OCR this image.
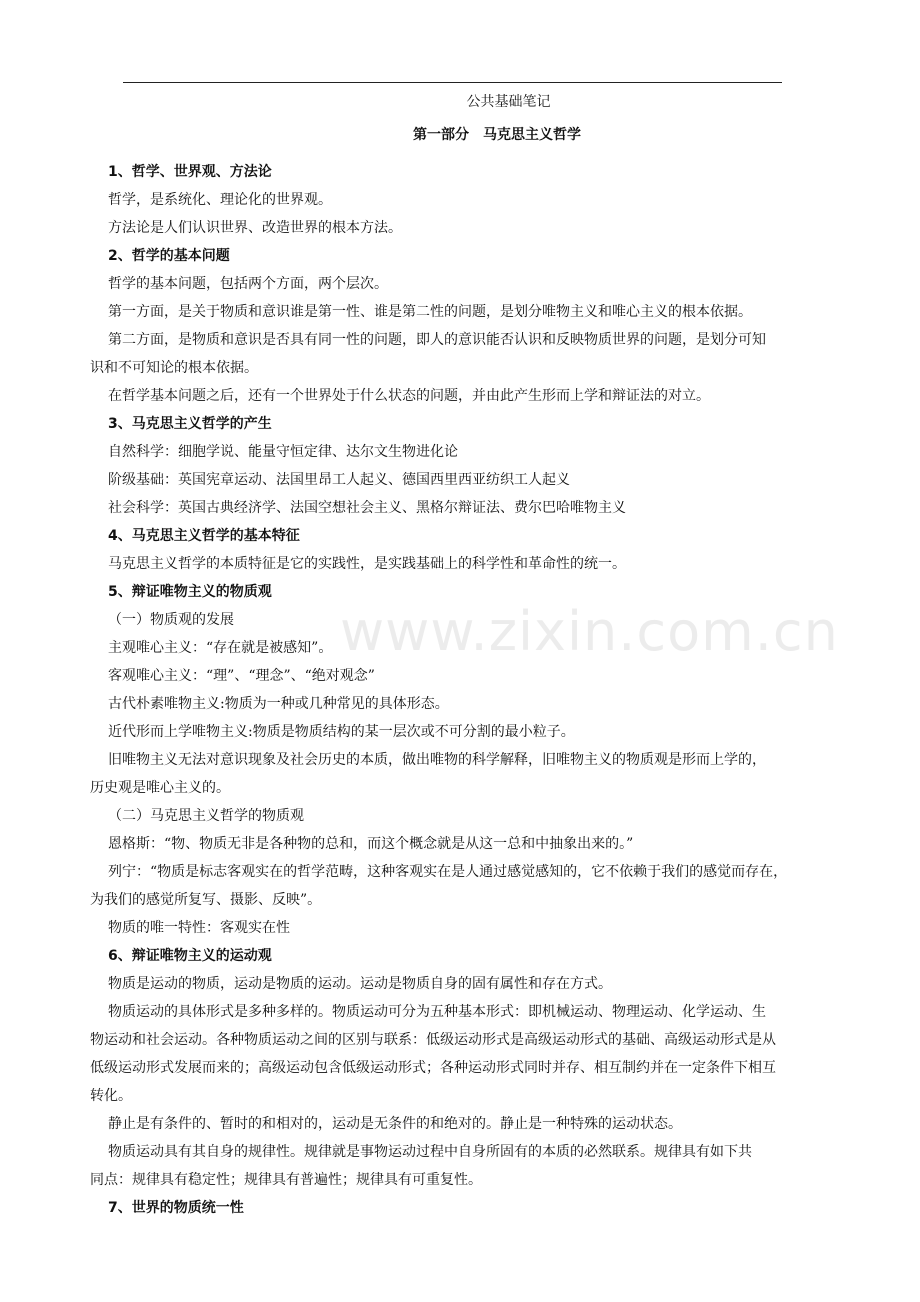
公共基础笔记
第一部分　马克思主义哲学
www.zixin.com.cn
1、哲学、世界观、方法论
哲学，是系统化、理论化的世界观。
方法论是人们认识世界、改造世界的根本方法。
2、哲学的基本问题
哲学的基本问题，包括两个方面，两个层次。
第一方面，是关于物质和意识谁是第一性、谁是第二性的问题，是划分唯物主义和唯心主义的根本依据。
第二方面，是物质和意识是否具有同一性的问题，即人的意识能否认识和反映物质世界的问题，是划分可知
识和不可知论的根本依据。
在哲学基本问题之后，还有一个世界处于什么状态的问题，并由此产生形而上学和辩证法的对立。
3、马克思主义哲学的产生
自然科学：细胞学说、能量守恒定律、达尔文生物进化论
阶级基础：英国宪章运动、法国里昂工人起义、德国西里西亚纺织工人起义
社会科学：英国古典经济学、法国空想社会主义、黑格尔辩证法、费尔巴哈唯物主义
4、马克思主义哲学的基本特征
马克思主义哲学的本质特征是它的实践性，是实践基础上的科学性和革命性的统一。
5、辩证唯物主义的物质观
（一）物质观的发展
主观唯心主义：“存在就是被感知”。
客观唯心主义：“理”、“理念”、“绝对观念”
古代朴素唯物主义:物质为一种或几种常见的具体形态。
近代形而上学唯物主义:物质是物质结构的某一层次或不可分割的最小粒子。
旧唯物主义无法对意识现象及社会历史的本质，做出唯物的科学解释，旧唯物主义的物质观是形而上学的，
历史观是唯心主义的。
（二）马克思主义哲学的物质观
恩格斯：“物、物质无非是各种物的总和，而这个概念就是从这一总和中抽象出来的。”
列宁：“物质是标志客观实在的哲学范畴，这种客观实在是人通过感觉感知的，它不依赖于我们的感觉而存在，
为我们的感觉所复写、摄影、反映”。
物质的唯一特性：客观实在性
6、辩证唯物主义的运动观
物质是运动的物质，运动是物质的运动。运动是物质自身的固有属性和存在方式。
物质运动的具体形式是多种多样的。物质运动可分为五种基本形式：即机械运动、物理运动、化学运动、生
物运动和社会运动。各种物质运动之间的区别与联系：低级运动形式是高级运动形式的基础、高级运动形式是从
低级运动形式发展而来的；高级运动包含低级运动形式；各种运动形式同时并存、相互制约并在一定条件下相互
转化。
静止是有条件的、暂时的和相对的，运动是无条件的和绝对的。静止是一种特殊的运动状态。
物质运动具有其自身的规律性。规律就是事物运动过程中自身所固有的本质的必然联系。规律具有如下共
同点：规律具有稳定性；规律具有普遍性；规律具有可重复性。
7、世界的物质统一性
